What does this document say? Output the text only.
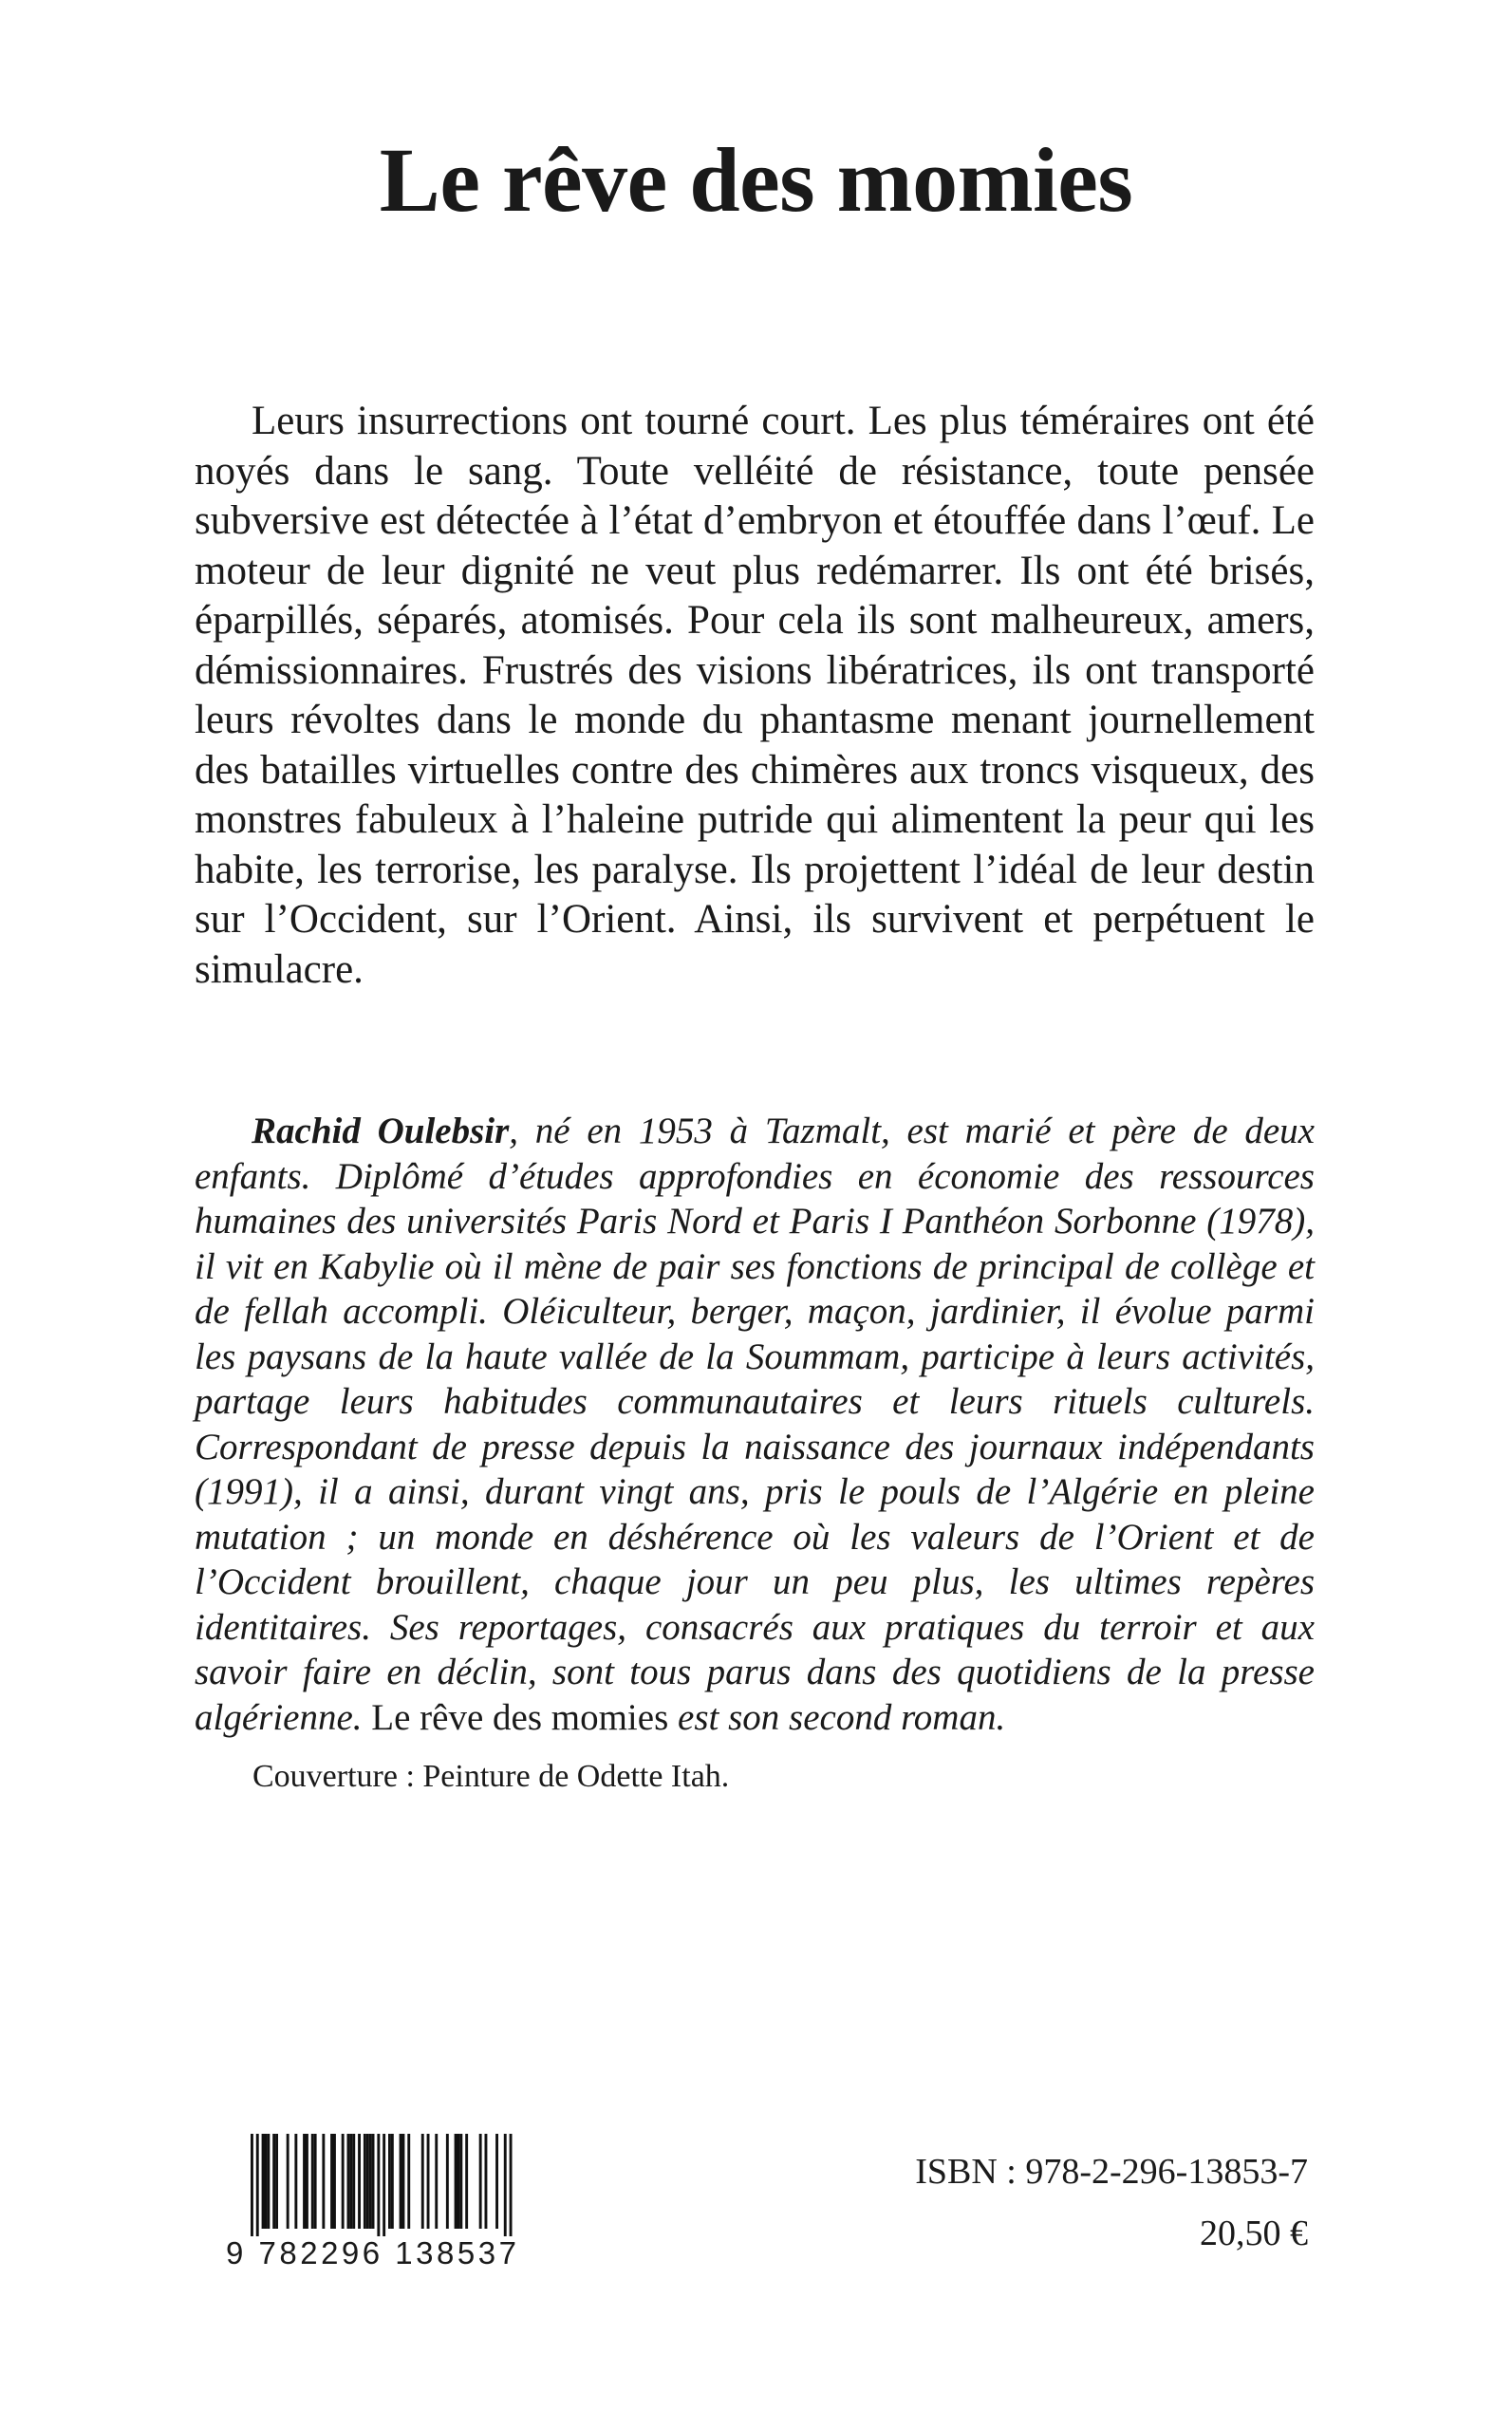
Le rêve des momies

Leurs insurrections ont tourné court. Les plus téméraires ont été noyés dans le sang. Toute velléité de résistance, toute pensée subversive est détectée à l’état d’embryon et étouffée dans l’œuf. Le moteur de leur dignité ne veut plus redémarrer. Ils ont été brisés, éparpillés, séparés, atomisés. Pour cela ils sont malheureux, amers, démissionnaires. Frustrés des visions libératrices, ils ont transporté leurs révoltes dans le monde du phantasme menant journellement des batailles virtuelles contre des chimères aux troncs visqueux, des monstres fabuleux à l’haleine putride qui alimentent la peur qui les habite, les terrorise, les paralyse. Ils projettent l’idéal de leur destin sur l’Occident, sur l’Orient. Ainsi, ils survivent et perpétuent le simulacre.

Rachid Oulebsir, né en 1953 à Tazmalt, est marié et père de deux enfants. Diplômé d’études approfondies en économie des ressources humaines des universités Paris Nord et Paris I Panthéon Sorbonne (1978), il vit en Kabylie où il mène de pair ses fonctions de principal de collège et de fellah accompli. Oléiculteur, berger, maçon, jardinier, il évolue parmi les paysans de la haute vallée de la Soummam, participe à leurs activités, partage leurs habitudes communautaires et leurs rituels culturels. Correspondant de presse depuis la naissance des journaux indépendants (1991), il a ainsi, durant vingt ans, pris le pouls de l’Algérie en pleine mutation ; un monde en déshérence où les valeurs de l’Orient et de l’Occident brouillent, chaque jour un peu plus, les ultimes repères identitaires. Ses reportages, consacrés aux pratiques du terroir et aux savoir faire en déclin, sont tous parus dans des quotidiens de la presse algérienne. Le rêve des momies est son second roman.

Couverture : Peinture de Odette Itah.

9 782296 138537

ISBN : 978-2-296-13853-7

20,50 €
